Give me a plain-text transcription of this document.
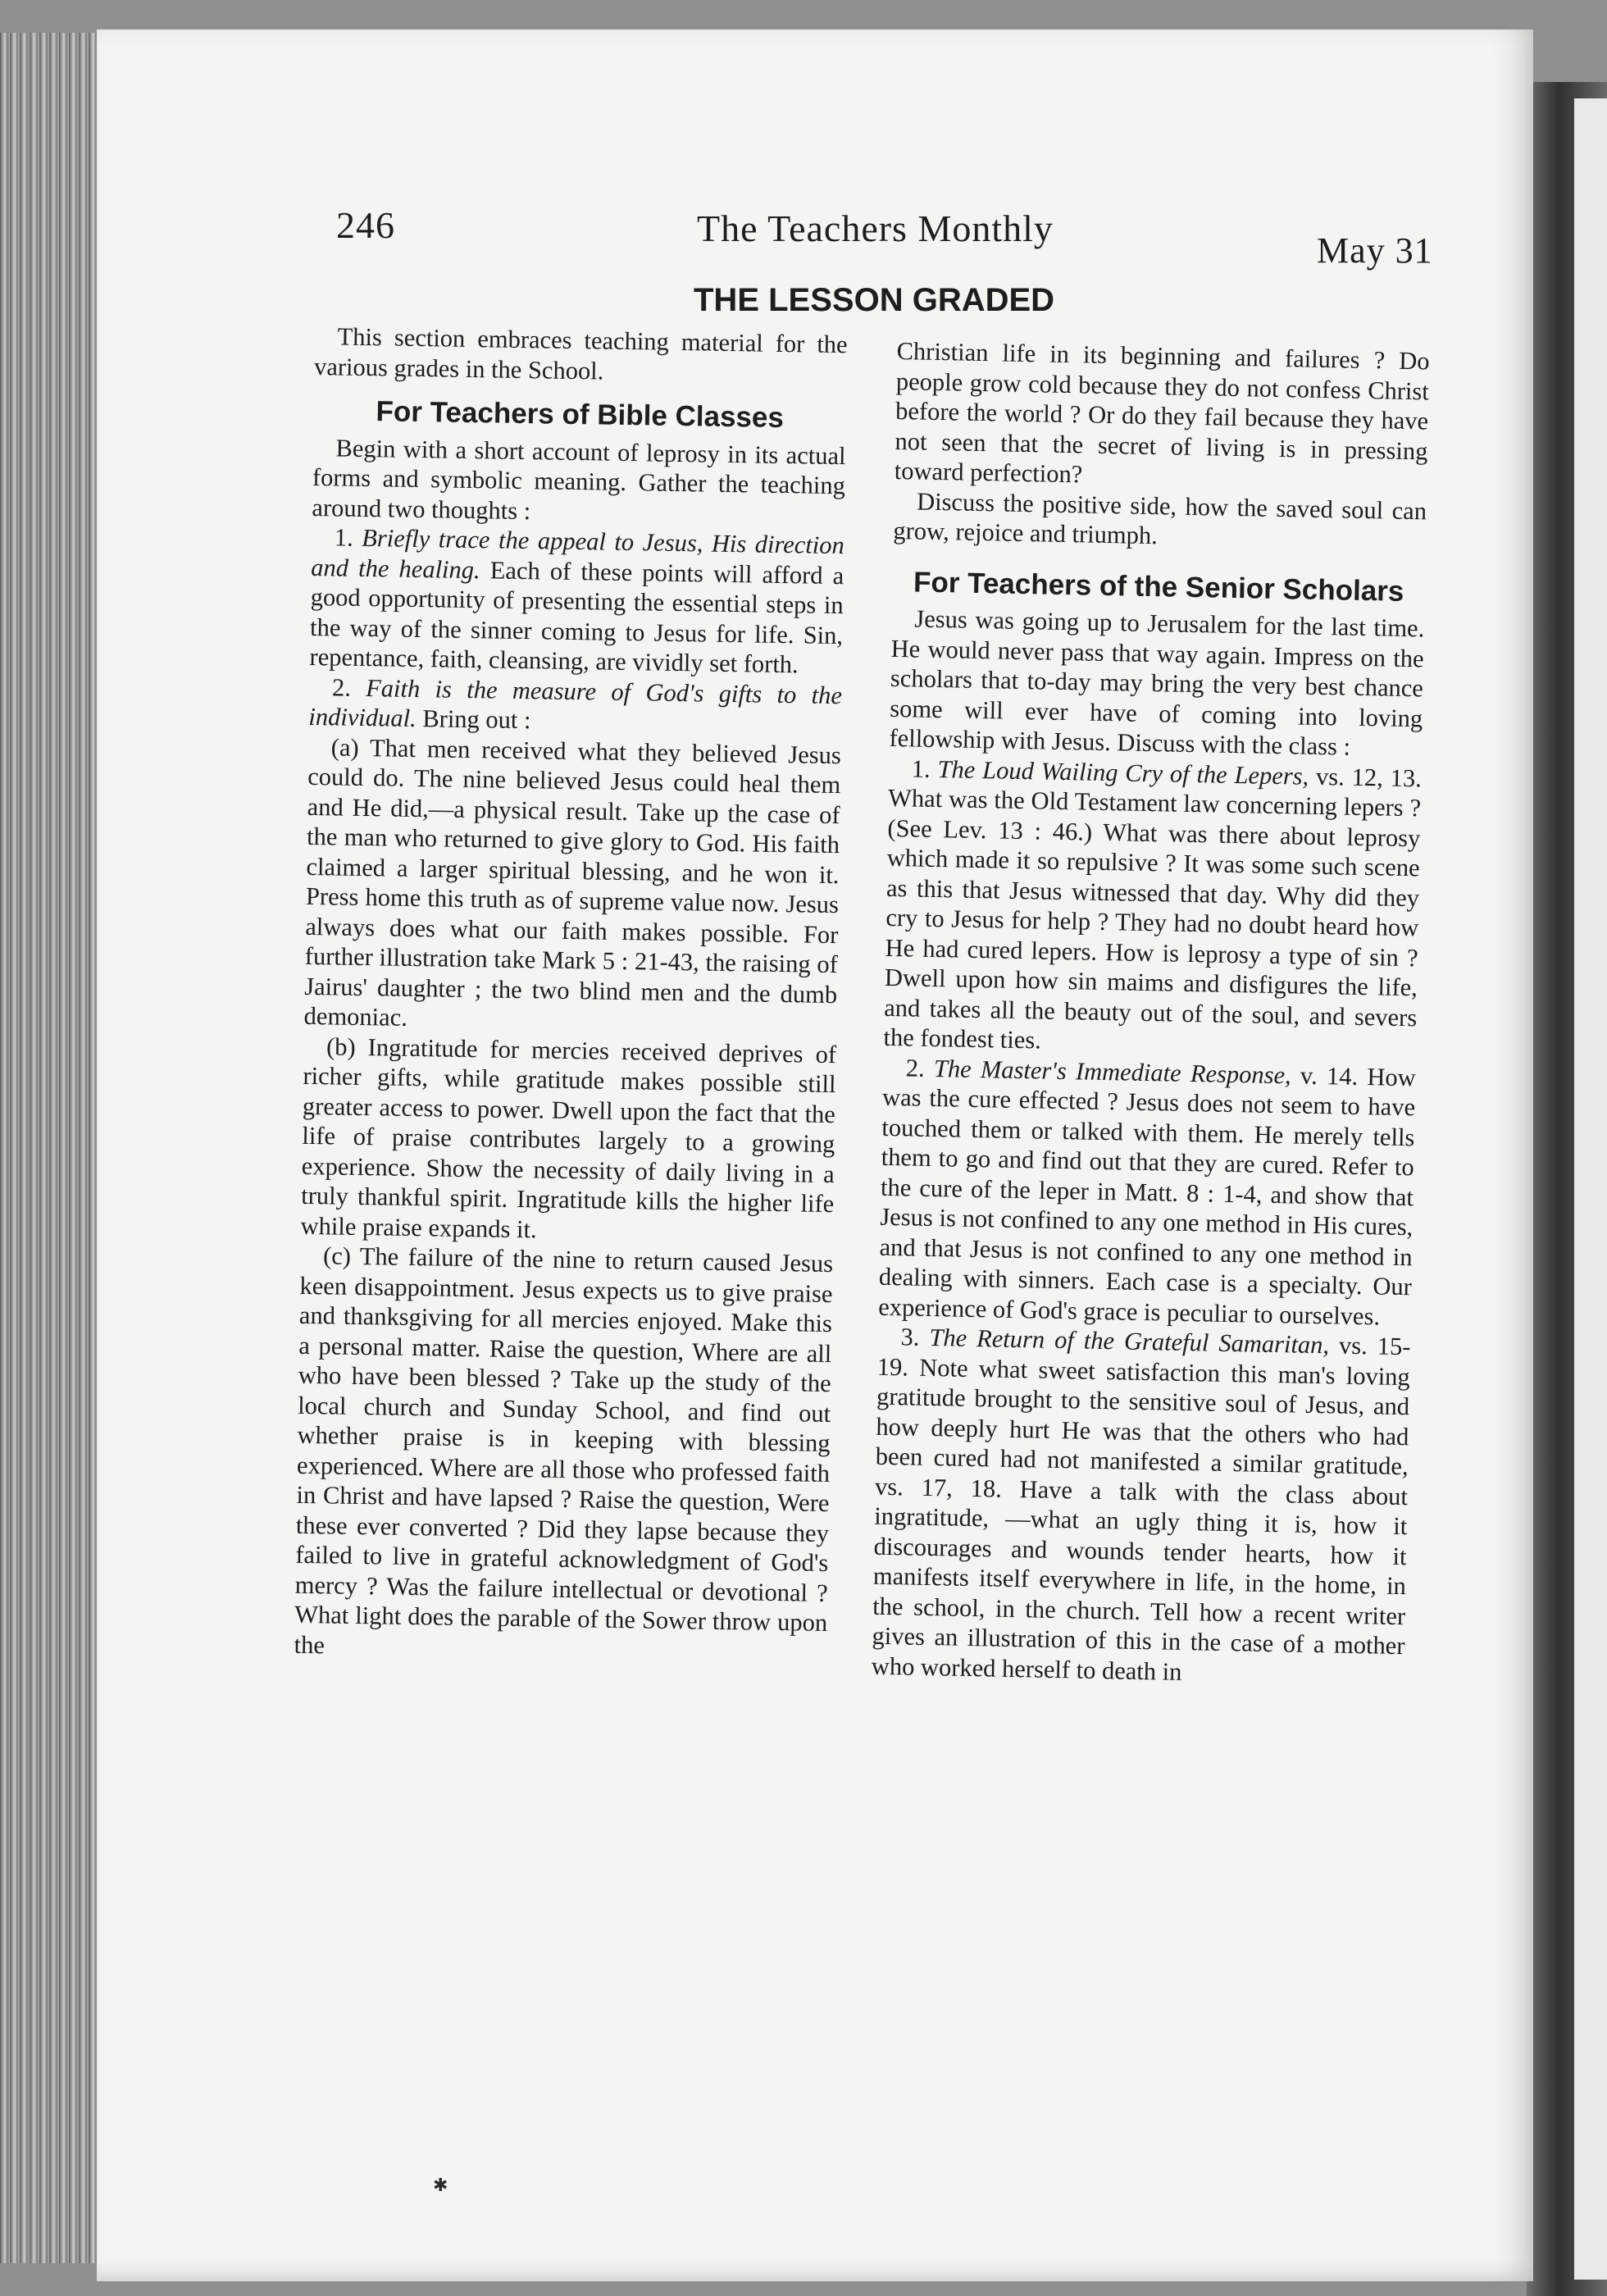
246	The Teachers Monthly
May 31
THE LESSON GRADED

This section embraces teaching material for the various grades in the School.

For Teachers of Bible Classes

Begin with a short account of leprosy in its actual forms and symbolic meaning. Gather the teaching around two thoughts :

1. Briefly trace the appeal to Jesus, His direction and the healing. Each of these points will afford a good opportunity of presenting the essential steps in the way of the sinner coming to Jesus for life. Sin, repentance, faith, cleansing, are vividly set forth.

2. Faith is the measure of God's gifts to the individual. Bring out :

(a) That men received what they believed Jesus could do. The nine believed Jesus could heal them and He did,—a physical result. Take up the case of the man who returned to give glory to God. His faith claimed a larger spiritual blessing, and he won it. Press home this truth as of supreme value now. Jesus always does what our faith makes possible. For further illustration take Mark 5 : 21-43, the raising of Jairus' daughter ; the two blind men and the dumb demoniac.

(b) Ingratitude for mercies received deprives of richer gifts, while gratitude makes possible still greater access to power. Dwell upon the fact that the life of praise contributes largely to a growing experience. Show the necessity of daily living in a truly thankful spirit. Ingratitude kills the higher life while praise expands it.

(c) The failure of the nine to return caused Jesus keen disappointment. Jesus expects us to give praise and thanksgiving for all mercies enjoyed. Make this a personal matter. Raise the question, Where are all who have been blessed ? Take up the study of the local church and Sunday School, and find out whether praise is in keeping with blessing experienced. Where are all those who professed faith in Christ and have lapsed ? Raise the question, Were these ever converted ? Did they lapse because they failed to live in grateful acknowledgment of God's mercy ? Was the failure intellectual or devotional ? What light does the parable of the Sower throw upon the

Christian life in its beginning and failures ? Do people grow cold because they do not confess Christ before the world ? Or do they fail because they have not seen that the secret of living is in pressing toward perfection?

Discuss the positive side, how the saved soul can grow, rejoice and triumph.

For Teachers of the Senior Scholars

Jesus was going up to Jerusalem for the last time. He would never pass that way again. Impress on the scholars that to-day may bring the very best chance some will ever have of coming into loving fellowship with Jesus. Discuss with the class :

1. The Loud Wailing Cry of the Lepers, vs. 12, 13. What was the Old Testament law concerning lepers ? (See Lev. 13 : 46.) What was there about leprosy which made it so repulsive ? It was some such scene as this that Jesus witnessed that day. Why did they cry to Jesus for help ? They had no doubt heard how He had cured lepers. How is leprosy a type of sin ? Dwell upon how sin maims and disfigures the life, and takes all the beauty out of the soul, and severs the fondest ties.

2. The Master's Immediate Response, v. 14. How was the cure effected ? Jesus does not seem to have touched them or talked with them. He merely tells them to go and find out that they are cured. Refer to the cure of the leper in Matt. 8 : 1-4, and show that Jesus is not confined to any one method in His cures, and that Jesus is not confined to any one method in dealing with sinners. Each case is a specialty. Our experience of God's grace is peculiar to ourselves.

3. The Return of the Grateful Samaritan, vs. 15-19. Note what sweet satisfaction this man's loving gratitude brought to the sensitive soul of Jesus, and how deeply hurt He was that the others who had been cured had not manifested a similar gratitude, vs. 17, 18. Have a talk with the class about ingratitude, —what an ugly thing it is, how it discourages and wounds tender hearts, how it manifests itself everywhere in life, in the home, in the school, in the church. Tell how a recent writer gives an illustration of this in the case of a mother who worked herself to death in

✱
